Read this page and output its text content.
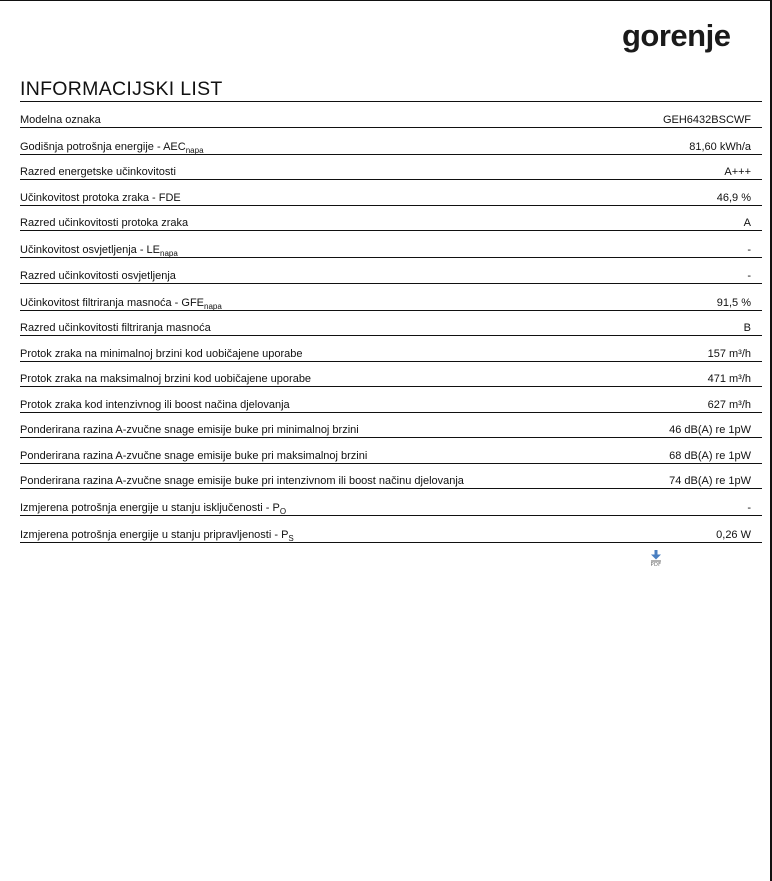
gorenje
INFORMACIJSKI LIST
Modelna oznaka	GEH6432BSCWF
Godišnja potrošnja energije - $AEC_{napa}$	81,60 kWh/a
Razred energetske učinkovitosti	A+++
Učinkovitost protoka zraka - FDE	46,9 %
Razred učinkovitosti protoka zraka	A
Učinkovitost osvjetljenja - $LE_{napa}$	-
Razred učinkovitosti osvjetljenja	-
Učinkovitost filtriranja masnoća - $GFE_{napa}$	91,5 %
Razred učinkovitosti filtriranja masnoća	B
Protok zraka na minimalnoj brzini kod uobičajene uporabe	157 m³/h
Protok zraka na maksimalnoj brzini kod uobičajene uporabe	471 m³/h
Protok zraka kod intenzivnog ili boost načina djelovanja	627 m³/h
Ponderirana razina A-zvučne snage emisije buke pri minimalnoj brzini	46 dB(A) re 1pW
Ponderirana razina A-zvučne snage emisije buke pri maksimalnoj brzini	68 dB(A) re 1pW
Ponderirana razina A-zvučne snage emisije buke pri intenzivnom ili boost načinu djelovanja	74 dB(A) re 1pW
Izmjerena potrošnja energije u stanju isključenosti - $P_O$	-
Izmjerena potrošnja energije u stanju pripravljenosti - $P_S$	0,26 W
PDF
